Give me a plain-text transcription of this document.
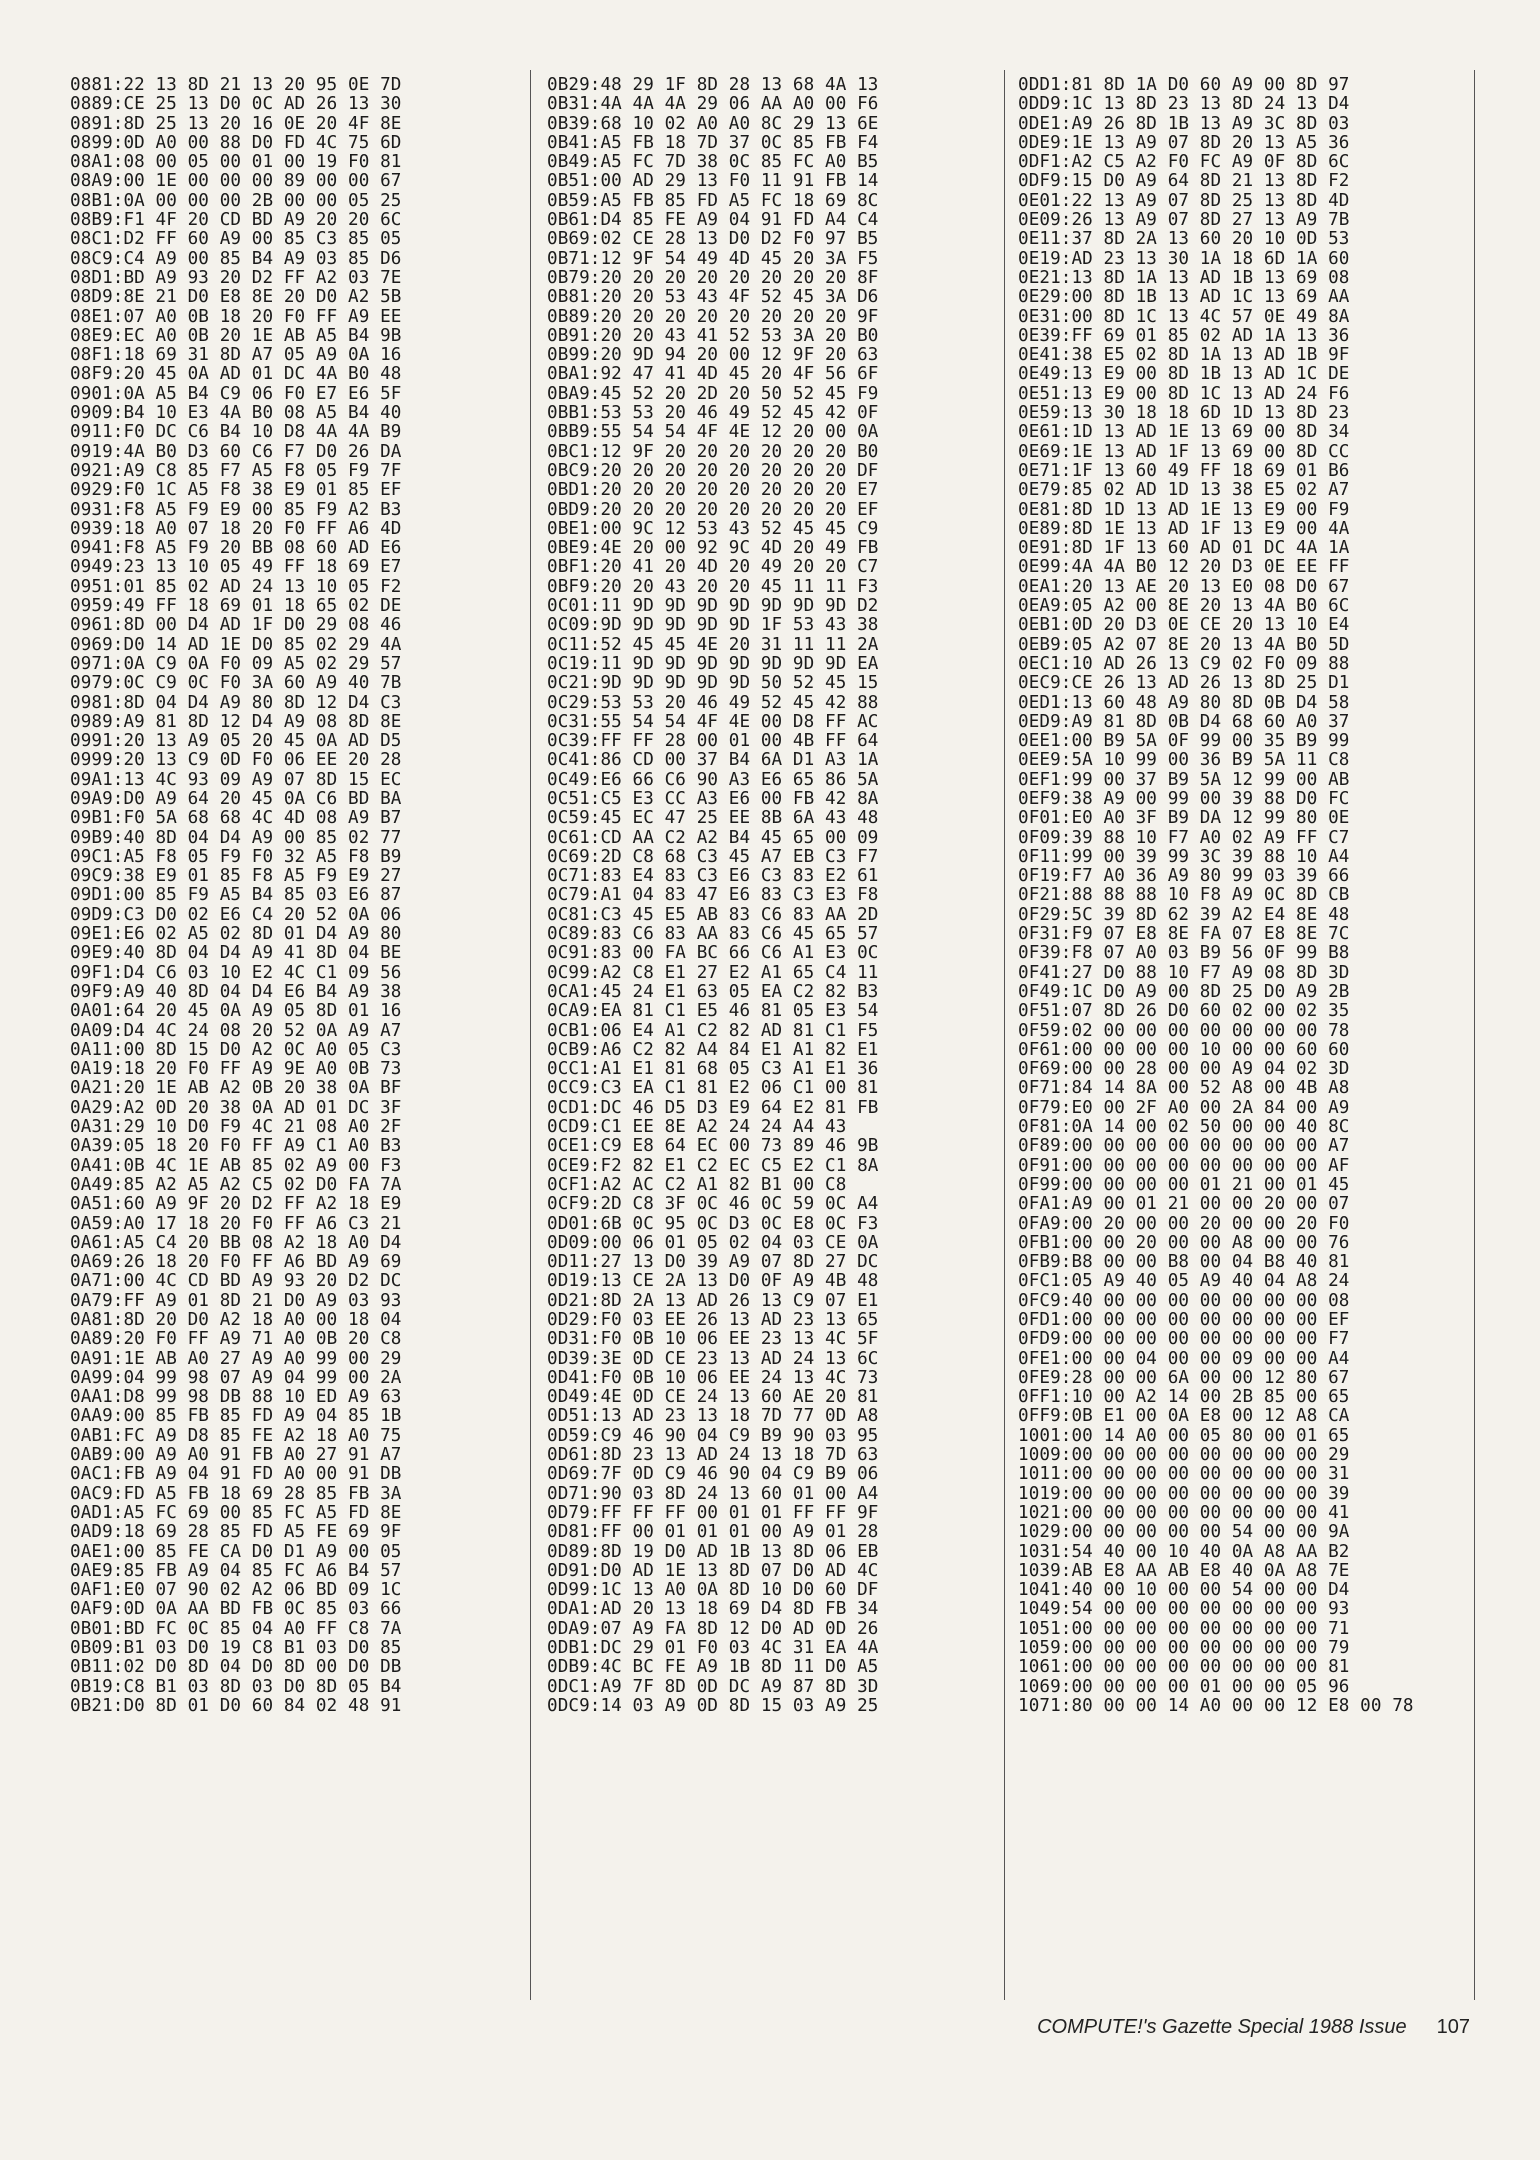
0881:22 13 8D 21 13 20 95 0E 7D
0889:CE 25 13 D0 0C AD 26 13 30
0891:8D 25 13 20 16 0E 20 4F 8E
0899:0D A0 00 88 D0 FD 4C 75 6D
08A1:08 00 05 00 01 00 19 F0 81
08A9:00 1E 00 00 00 89 00 00 67
08B1:0A 00 00 00 2B 00 00 05 25
08B9:F1 4F 20 CD BD A9 20 20 6C
08C1:D2 FF 60 A9 00 85 C3 85 05
08C9:C4 A9 00 85 B4 A9 03 85 D6
08D1:BD A9 93 20 D2 FF A2 03 7E
08D9:8E 21 D0 E8 8E 20 D0 A2 5B
08E1:07 A0 0B 18 20 F0 FF A9 EE
08E9:EC A0 0B 20 1E AB A5 B4 9B
08F1:18 69 31 8D A7 05 A9 0A 16
08F9:20 45 0A AD 01 DC 4A B0 48
0901:0A A5 B4 C9 06 F0 E7 E6 5F
0909:B4 10 E3 4A B0 08 A5 B4 40
0911:F0 DC C6 B4 10 D8 4A 4A B9
0919:4A B0 D3 60 C6 F7 D0 26 DA
0921:A9 C8 85 F7 A5 F8 05 F9 7F
0929:F0 1C A5 F8 38 E9 01 85 EF
0931:F8 A5 F9 E9 00 85 F9 A2 B3
0939:18 A0 07 18 20 F0 FF A6 4D
0941:F8 A5 F9 20 BB 08 60 AD E6
0949:23 13 10 05 49 FF 18 69 E7
0951:01 85 02 AD 24 13 10 05 F2
0959:49 FF 18 69 01 18 65 02 DE
0961:8D 00 D4 AD 1F D0 29 08 46
0969:D0 14 AD 1E D0 85 02 29 4A
0971:0A C9 0A F0 09 A5 02 29 57
0979:0C C9 0C F0 3A 60 A9 40 7B
0981:8D 04 D4 A9 80 8D 12 D4 C3
0989:A9 81 8D 12 D4 A9 08 8D 8E
0991:20 13 A9 05 20 45 0A AD D5
0999:20 13 C9 0D F0 06 EE 20 28
09A1:13 4C 93 09 A9 07 8D 15 EC
09A9:D0 A9 64 20 45 0A C6 BD BA
09B1:F0 5A 68 68 4C 4D 08 A9 B7
09B9:40 8D 04 D4 A9 00 85 02 77
09C1:A5 F8 05 F9 F0 32 A5 F8 B9
09C9:38 E9 01 85 F8 A5 F9 E9 27
09D1:00 85 F9 A5 B4 85 03 E6 87
09D9:C3 D0 02 E6 C4 20 52 0A 06
09E1:E6 02 A5 02 8D 01 D4 A9 80
09E9:40 8D 04 D4 A9 41 8D 04 BE
09F1:D4 C6 03 10 E2 4C C1 09 56
09F9:A9 40 8D 04 D4 E6 B4 A9 38
0A01:64 20 45 0A A9 05 8D 01 16
0A09:D4 4C 24 08 20 52 0A A9 A7
0A11:00 8D 15 D0 A2 0C A0 05 C3
0A19:18 20 F0 FF A9 9E A0 0B 73
0A21:20 1E AB A2 0B 20 38 0A BF
0A29:A2 0D 20 38 0A AD 01 DC 3F
0A31:29 10 D0 F9 4C 21 08 A0 2F
0A39:05 18 20 F0 FF A9 C1 A0 B3
0A41:0B 4C 1E AB 85 02 A9 00 F3
0A49:85 A2 A5 A2 C5 02 D0 FA 7A
0A51:60 A9 9F 20 D2 FF A2 18 E9
0A59:A0 17 18 20 F0 FF A6 C3 21
0A61:A5 C4 20 BB 08 A2 18 A0 D4
0A69:26 18 20 F0 FF A6 BD A9 69
0A71:00 4C CD BD A9 93 20 D2 DC
0A79:FF A9 01 8D 21 D0 A9 03 93
0A81:8D 20 D0 A2 18 A0 00 18 04
0A89:20 F0 FF A9 71 A0 0B 20 C8
0A91:1E AB A0 27 A9 A0 99 00 29
0A99:04 99 98 07 A9 04 99 00 2A
0AA1:D8 99 98 DB 88 10 ED A9 63
0AA9:00 85 FB 85 FD A9 04 85 1B
0AB1:FC A9 D8 85 FE A2 18 A0 75
0AB9:00 A9 A0 91 FB A0 27 91 A7
0AC1:FB A9 04 91 FD A0 00 91 DB
0AC9:FD A5 FB 18 69 28 85 FB 3A
0AD1:A5 FC 69 00 85 FC A5 FD 8E
0AD9:18 69 28 85 FD A5 FE 69 9F
0AE1:00 85 FE CA D0 D1 A9 00 05
0AE9:85 FB A9 04 85 FC A6 B4 57
0AF1:E0 07 90 02 A2 06 BD 09 1C
0AF9:0D 0A AA BD FB 0C 85 03 66
0B01:BD FC 0C 85 04 A0 FF C8 7A
0B09:B1 03 D0 19 C8 B1 03 D0 85
0B11:02 D0 8D 04 D0 8D 00 D0 DB
0B19:C8 B1 03 8D 03 D0 8D 05 B4
0B21:D0 8D 01 D0 60 84 02 48 91
0B29:48 29 1F 8D 28 13 68 4A 13
0B31:4A 4A 4A 29 06 AA A0 00 F6
0B39:68 10 02 A0 A0 8C 29 13 6E
0B41:A5 FB 18 7D 37 0C 85 FB F4
0B49:A5 FC 7D 38 0C 85 FC A0 B5
0B51:00 AD 29 13 F0 11 91 FB 14
0B59:A5 FB 85 FD A5 FC 18 69 8C
0B61:D4 85 FE A9 04 91 FD A4 C4
0B69:02 CE 28 13 D0 D2 F0 97 B5
0B71:12 9F 54 49 4D 45 20 3A F5
0B79:20 20 20 20 20 20 20 20 8F
0B81:20 20 53 43 4F 52 45 3A D6
0B89:20 20 20 20 20 20 20 20 9F
0B91:20 20 43 41 52 53 3A 20 B0
0B99:20 9D 94 20 00 12 9F 20 63
0BA1:92 47 41 4D 45 20 4F 56 6F
0BA9:45 52 20 2D 20 50 52 45 F9
0BB1:53 53 20 46 49 52 45 42 0F
0BB9:55 54 54 4F 4E 12 20 00 0A
0BC1:12 9F 20 20 20 20 20 20 B0
0BC9:20 20 20 20 20 20 20 20 DF
0BD1:20 20 20 20 20 20 20 20 E7
0BD9:20 20 20 20 20 20 20 20 EF
0BE1:00 9C 12 53 43 52 45 45 C9
0BE9:4E 20 00 92 9C 4D 20 49 FB
0BF1:20 41 20 4D 20 49 20 20 C7
0BF9:20 20 43 20 20 45 11 11 F3
0C01:11 9D 9D 9D 9D 9D 9D 9D D2
0C09:9D 9D 9D 9D 9D 1F 53 43 38
0C11:52 45 45 4E 20 31 11 11 2A
0C19:11 9D 9D 9D 9D 9D 9D 9D EA
0C21:9D 9D 9D 9D 9D 50 52 45 15
0C29:53 53 20 46 49 52 45 42 88
0C31:55 54 54 4F 4E 00 D8 FF AC
0C39:FF FF 28 00 01 00 4B FF 64
0C41:86 CD 00 37 B4 6A D1 A3 1A
0C49:E6 66 C6 90 A3 E6 65 86 5A
0C51:C5 E3 CC A3 E6 00 FB 42 8A
0C59:45 EC 47 25 EE 8B 6A 43 48
0C61:CD AA C2 A2 B4 45 65 00 09
0C69:2D C8 68 C3 45 A7 EB C3 F7
0C71:83 E4 83 C3 E6 C3 83 E2 61
0C79:A1 04 83 47 E6 83 C3 E3 F8
0C81:C3 45 E5 AB 83 C6 83 AA 2D
0C89:83 C6 83 AA 83 C6 45 65 57
0C91:83 00 FA BC 66 C6 A1 E3 0C
0C99:A2 C8 E1 27 E2 A1 65 C4 11
0CA1:45 24 E1 63 05 EA C2 82 B3
0CA9:EA 81 C1 E5 46 81 05 E3 54
0CB1:06 E4 A1 C2 82 AD 81 C1 F5
0CB9:A6 C2 82 A4 84 E1 A1 82 E1
0CC1:A1 E1 81 68 05 C3 A1 E1 36
0CC9:C3 EA C1 81 E2 06 C1 00 81
0CD1:DC 46 D5 D3 E9 64 E2 81 FB
0CD9:C1 EE 8E A2 24 24 A4 43
0CE1:C9 E8 64 EC 00 73 89 46 9B
0CE9:F2 82 E1 C2 EC C5 E2 C1 8A
0CF1:A2 AC C2 A1 82 B1 00 C8
0CF9:2D C8 3F 0C 46 0C 59 0C A4
0D01:6B 0C 95 0C D3 0C E8 0C F3
0D09:00 06 01 05 02 04 03 CE 0A
0D11:27 13 D0 39 A9 07 8D 27 DC
0D19:13 CE 2A 13 D0 0F A9 4B 48
0D21:8D 2A 13 AD 26 13 C9 07 E1
0D29:F0 03 EE 26 13 AD 23 13 65
0D31:F0 0B 10 06 EE 23 13 4C 5F
0D39:3E 0D CE 23 13 AD 24 13 6C
0D41:F0 0B 10 06 EE 24 13 4C 73
0D49:4E 0D CE 24 13 60 AE 20 81
0D51:13 AD 23 13 18 7D 77 0D A8
0D59:C9 46 90 04 C9 B9 90 03 95
0D61:8D 23 13 AD 24 13 18 7D 63
0D69:7F 0D C9 46 90 04 C9 B9 06
0D71:90 03 8D 24 13 60 01 00 A4
0D79:FF FF FF 00 01 01 FF FF 9F
0D81:FF 00 01 01 01 00 A9 01 28
0D89:8D 19 D0 AD 1B 13 8D 06 EB
0D91:D0 AD 1E 13 8D 07 D0 AD 4C
0D99:1C 13 A0 0A 8D 10 D0 60 DF
0DA1:AD 20 13 18 69 D4 8D FB 34
0DA9:07 A9 FA 8D 12 D0 AD 0D 26
0DB1:DC 29 01 F0 03 4C 31 EA 4A
0DB9:4C BC FE A9 1B 8D 11 D0 A5
0DC1:A9 7F 8D 0D DC A9 87 8D 3D
0DC9:14 03 A9 0D 8D 15 03 A9 25
0DD1:81 8D 1A D0 60 A9 00 8D 97
0DD9:1C 13 8D 23 13 8D 24 13 D4
0DE1:A9 26 8D 1B 13 A9 3C 8D 03
0DE9:1E 13 A9 07 8D 20 13 A5 36
0DF1:A2 C5 A2 F0 FC A9 0F 8D 6C
0DF9:15 D0 A9 64 8D 21 13 8D F2
0E01:22 13 A9 07 8D 25 13 8D 4D
0E09:26 13 A9 07 8D 27 13 A9 7B
0E11:37 8D 2A 13 60 20 10 0D 53
0E19:AD 23 13 30 1A 18 6D 1A 60
0E21:13 8D 1A 13 AD 1B 13 69 08
0E29:00 8D 1B 13 AD 1C 13 69 AA
0E31:00 8D 1C 13 4C 57 0E 49 8A
0E39:FF 69 01 85 02 AD 1A 13 36
0E41:38 E5 02 8D 1A 13 AD 1B 9F
0E49:13 E9 00 8D 1B 13 AD 1C DE
0E51:13 E9 00 8D 1C 13 AD 24 F6
0E59:13 30 18 18 6D 1D 13 8D 23
0E61:1D 13 AD 1E 13 69 00 8D 34
0E69:1E 13 AD 1F 13 69 00 8D CC
0E71:1F 13 60 49 FF 18 69 01 B6
0E79:85 02 AD 1D 13 38 E5 02 A7
0E81:8D 1D 13 AD 1E 13 E9 00 F9
0E89:8D 1E 13 AD 1F 13 E9 00 4A
0E91:8D 1F 13 60 AD 01 DC 4A 1A
0E99:4A 4A B0 12 20 D3 0E EE FF
0EA1:20 13 AE 20 13 E0 08 D0 67
0EA9:05 A2 00 8E 20 13 4A B0 6C
0EB1:0D 20 D3 0E CE 20 13 10 E4
0EB9:05 A2 07 8E 20 13 4A B0 5D
0EC1:10 AD 26 13 C9 02 F0 09 88
0EC9:CE 26 13 AD 26 13 8D 25 D1
0ED1:13 60 48 A9 80 8D 0B D4 58
0ED9:A9 81 8D 0B D4 68 60 A0 37
0EE1:00 B9 5A 0F 99 00 35 B9 99
0EE9:5A 10 99 00 36 B9 5A 11 C8
0EF1:99 00 37 B9 5A 12 99 00 AB
0EF9:38 A9 00 99 00 39 88 D0 FC
0F01:E0 A0 3F B9 DA 12 99 80 0E
0F09:39 88 10 F7 A0 02 A9 FF C7
0F11:99 00 39 99 3C 39 88 10 A4
0F19:F7 A0 36 A9 80 99 03 39 66
0F21:88 88 88 10 F8 A9 0C 8D CB
0F29:5C 39 8D 62 39 A2 E4 8E 48
0F31:F9 07 E8 8E FA 07 E8 8E 7C
0F39:F8 07 A0 03 B9 56 0F 99 B8
0F41:27 D0 88 10 F7 A9 08 8D 3D
0F49:1C D0 A9 00 8D 25 D0 A9 2B
0F51:07 8D 26 D0 60 02 00 02 35
0F59:02 00 00 00 00 00 00 00 78
0F61:00 00 00 00 10 00 00 60 60
0F69:00 00 28 00 00 A9 04 02 3D
0F71:84 14 8A 00 52 A8 00 4B A8
0F79:E0 00 2F A0 00 2A 84 00 A9
0F81:0A 14 00 02 50 00 00 40 8C
0F89:00 00 00 00 00 00 00 00 A7
0F91:00 00 00 00 00 00 00 00 AF
0F99:00 00 00 00 01 21 00 01 45
0FA1:A9 00 01 21 00 00 20 00 07
0FA9:00 20 00 00 20 00 00 20 F0
0FB1:00 00 20 00 00 A8 00 00 76
0FB9:B8 00 00 B8 00 04 B8 40 81
0FC1:05 A9 40 05 A9 40 04 A8 24
0FC9:40 00 00 00 00 00 00 00 08
0FD1:00 00 00 00 00 00 00 00 EF
0FD9:00 00 00 00 00 00 00 00 F7
0FE1:00 00 04 00 00 09 00 00 A4
0FE9:28 00 00 6A 00 00 12 80 67
0FF1:10 00 A2 14 00 2B 85 00 65
0FF9:0B E1 00 0A E8 00 12 A8 CA
1001:00 14 A0 00 05 80 00 01 65
1009:00 00 00 00 00 00 00 00 29
1011:00 00 00 00 00 00 00 00 31
1019:00 00 00 00 00 00 00 00 39
1021:00 00 00 00 00 00 00 00 41
1029:00 00 00 00 00 54 00 00 9A
1031:54 40 00 10 40 0A A8 AA B2
1039:AB E8 AA AB E8 40 0A A8 7E
1041:40 00 10 00 00 54 00 00 D4
1049:54 00 00 00 00 00 00 00 93
1051:00 00 00 00 00 00 00 00 71
1059:00 00 00 00 00 00 00 00 79
1061:00 00 00 00 00 00 00 00 81
1069:00 00 00 00 01 00 00 05 96
1071:80 00 00 14 A0 00 00 12 E8 00 78
COMPUTE!'s Gazette Special 1988 Issue 107
